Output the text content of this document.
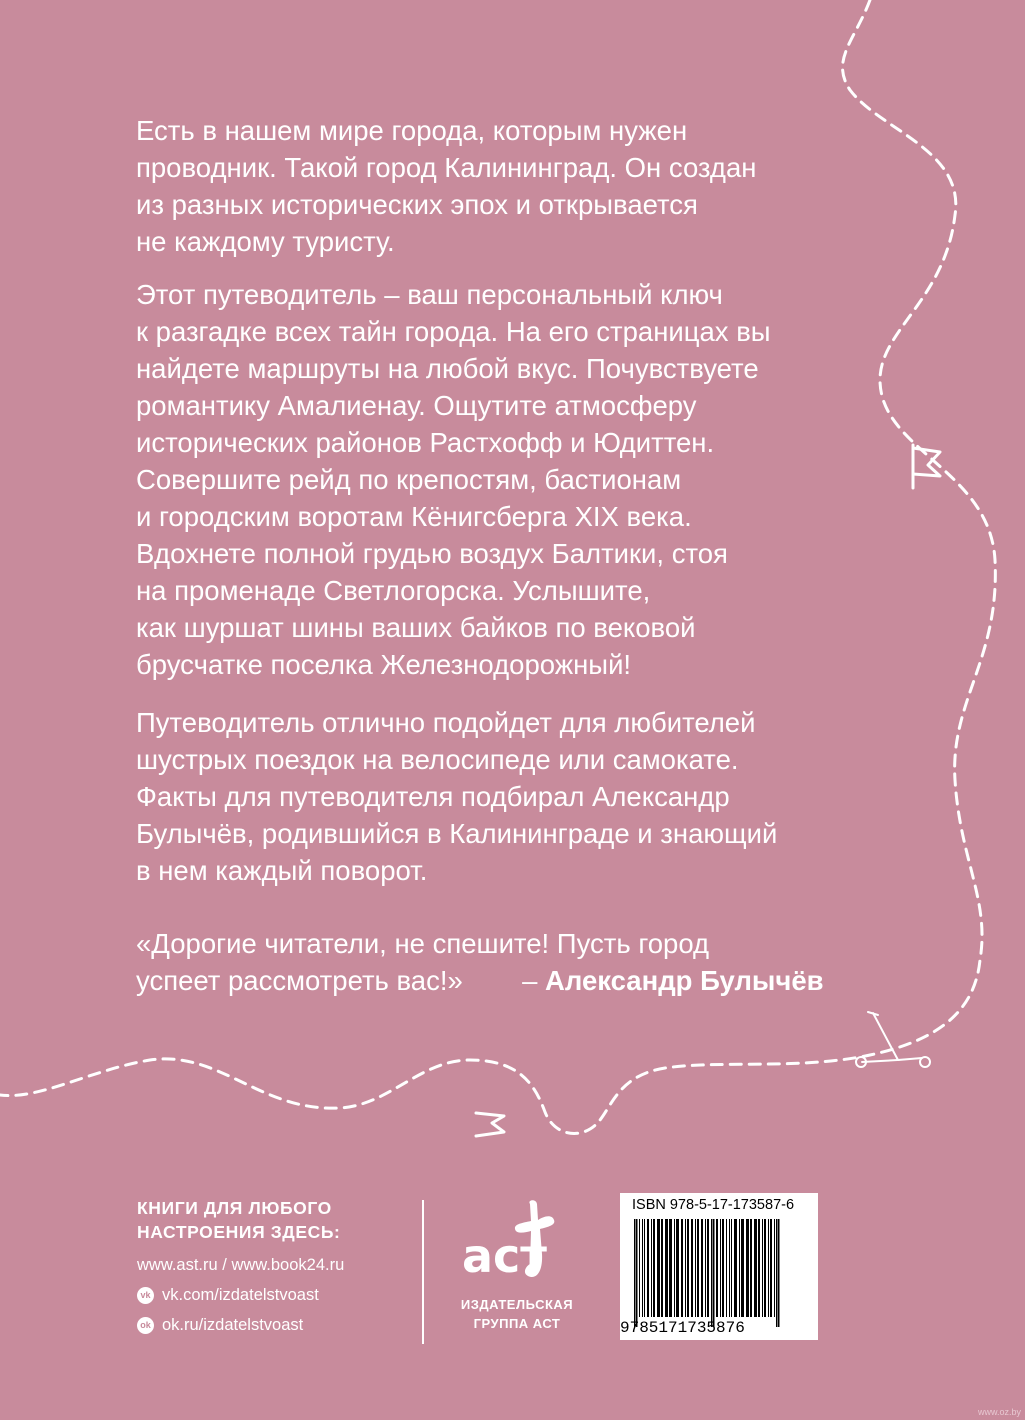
Есть в нашем мире города, которым нужен
проводник. Такой город Калининград. Он создан
из разных исторических эпох и открывается
не каждому туристу.
Этот путеводитель – ваш персональный ключ
к разгадке всех тайн города. На его страницах вы
найдете маршруты на любой вкус. Почувствуете
романтику Амалиенау. Ощутите атмосферу
исторических районов Растхофф и Юдиттен.
Совершите рейд по крепостям, бастионам
и городским воротам Кёнигсберга XIX века.
Вдохнете полной грудью воздух Балтики, стоя
на променаде Светлогорска. Услышите,
как шуршат шины ваших байков по вековой
брусчатке поселка Железнодорожный!
Путеводитель отлично подойдет для любителей
шустрых поездок на велосипеде или самокате.
Факты для путеводителя подбирал Александр
Булычёв, родившийся в Калининграде и знающий
в нем каждый поворот.
«Дорогие читатели, не спешите! Пусть город
успеет рассмотреть вас!» – Александр Булычёв
КНИГИ ДЛЯ ЛЮБОГО
НАСТРОЕНИЯ ЗДЕСЬ:
www.ast.ru / www.book24.ru
vk vk.com/izdatelstvoast
ok ok.ru/izdatelstvoast
аст
ИЗДАТЕЛЬСКАЯ
ГРУППА АСТ
ISBN 978-5-17-173587-6
9785171735876
www.oz.by
